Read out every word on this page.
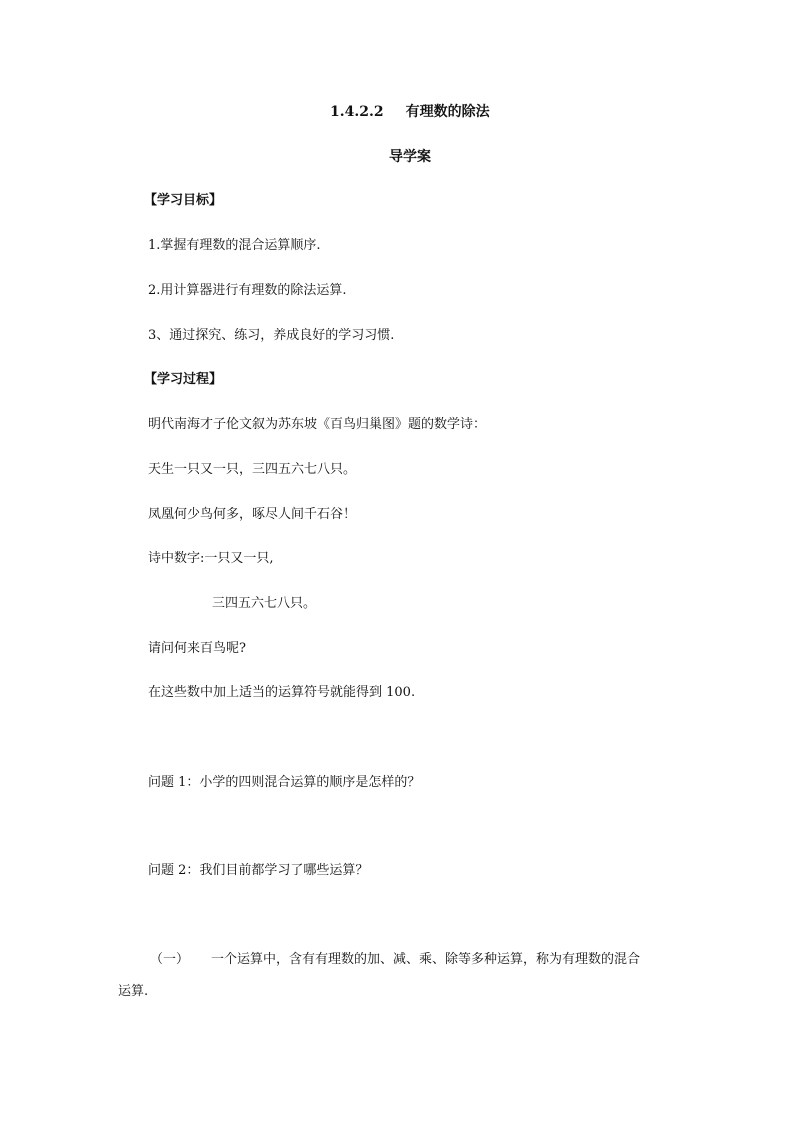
1.4.2.2 有理数的除法
导学案
【学习目标】
1.掌握有理数的混合运算顺序.
2.用计算器进行有理数的除法运算.
3、通过探究、练习，养成良好的学习习惯.
【学习过程】
明代南海才子伦文叙为苏东坡《百鸟归巢图》题的数学诗：
天生一只又一只，三四五六七八只。
凤凰何少鸟何多，啄尽人间千石谷！
诗中数字:一只又一只,
三四五六七八只。
请问何来百鸟呢?
在这些数中加上适当的运算符号就能得到 100.
问题 1：小学的四则混合运算的顺序是怎样的？
问题 2：我们目前都学习了哪些运算？
（一） 一个运算中，含有有理数的加、减、乘、除等多种运算，称为有理数的混合
运算.
